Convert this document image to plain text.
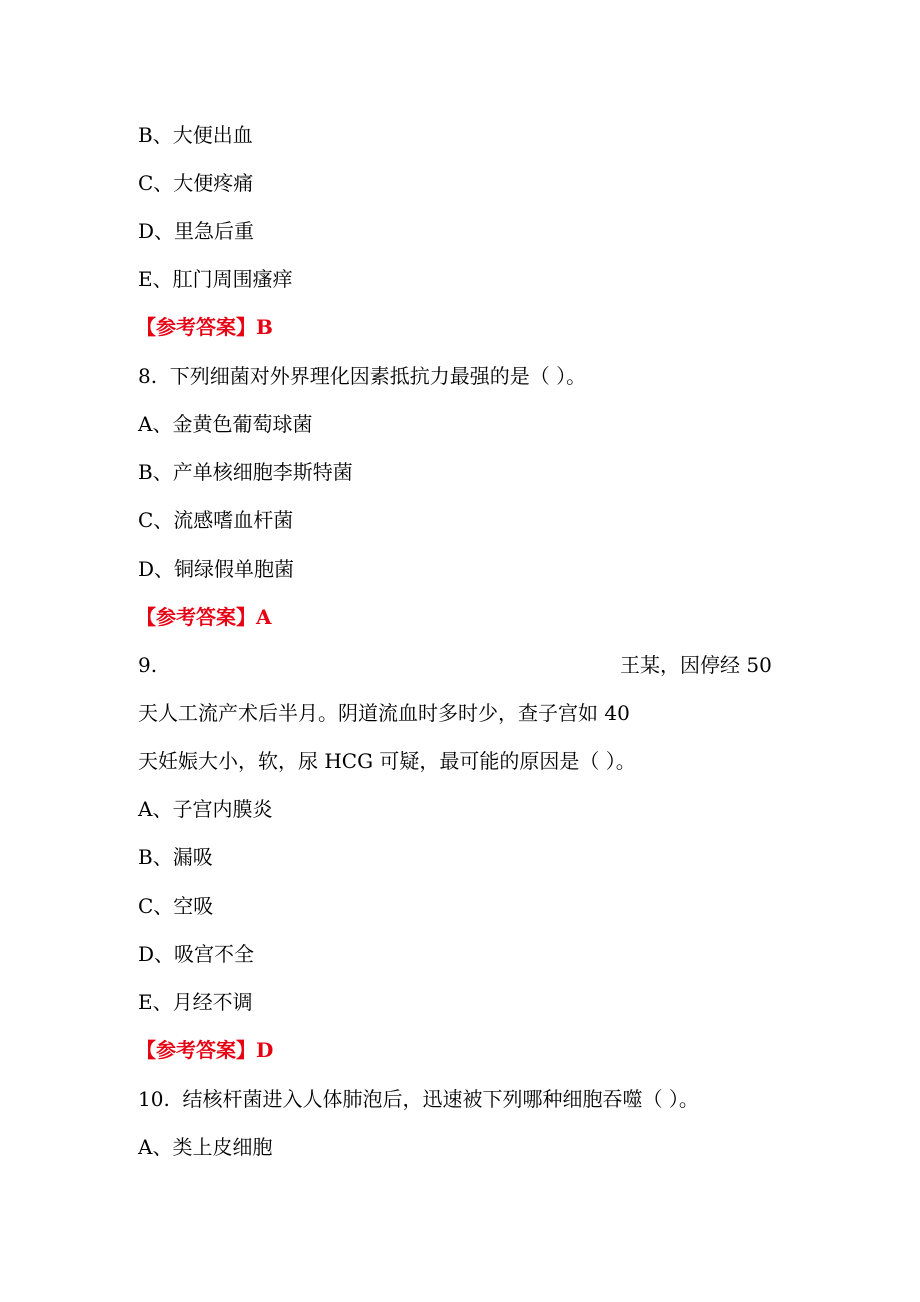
B、大便出血
C、大便疼痛
D、里急后重
E、肛门周围瘙痒
【参考答案】B
8.  下列细菌对外界理化因素抵抗力最强的是（ ）。
A、金黄色葡萄球菌
B、产单核细胞李斯特菌
C、流感嗜血杆菌
D、铜绿假单胞菌
【参考答案】A
9.	王某，因停经 50
天人工流产术后半月。阴道流血时多时少，查子宫如 40
天妊娠大小，软，尿 HCG 可疑，最可能的原因是（ ）。
A、子宫内膜炎
B、漏吸
C、空吸
D、吸宫不全
E、月经不调
【参考答案】D
10.  结核杆菌进入人体肺泡后，迅速被下列哪种细胞吞噬（ ）。
A、类上皮细胞
